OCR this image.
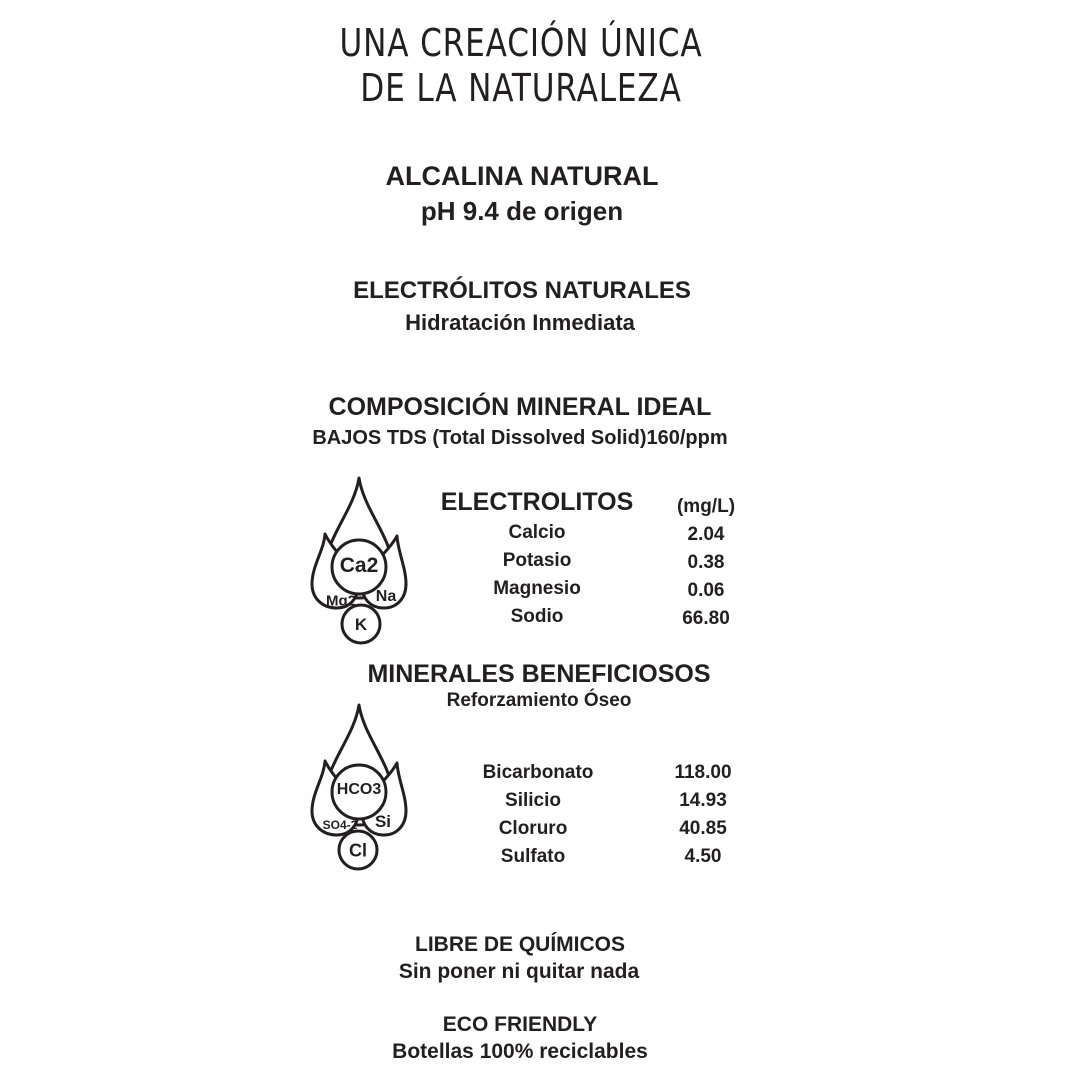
UNA CREACIÓN ÚNICA
DE LA NATURALEZA
ALCALINA NATURAL
pH 9.4 de origen
ELECTRÓLITOS NATURALES
Hidratación Inmediata
COMPOSICIÓN MINERAL IDEAL
BAJOS TDS (Total Dissolved Solid)160/ppm
ELECTROLITOS (mg/L)
Calcio	2.04
Potasio	0.38
Magnesio	0.06
Sodio	66.80
Ca2
Mg2 Na
K
MINERALES BENEFICIOSOS
Reforzamiento Óseo
Bicarbonato	118.00
Silicio	14.93
Cloruro	40.85
Sulfato	4.50
HCO3
SO4-2 Si
Cl
LIBRE DE QUÍMICOS
Sin poner ni quitar nada
ECO FRIENDLY
Botellas 100% reciclables
